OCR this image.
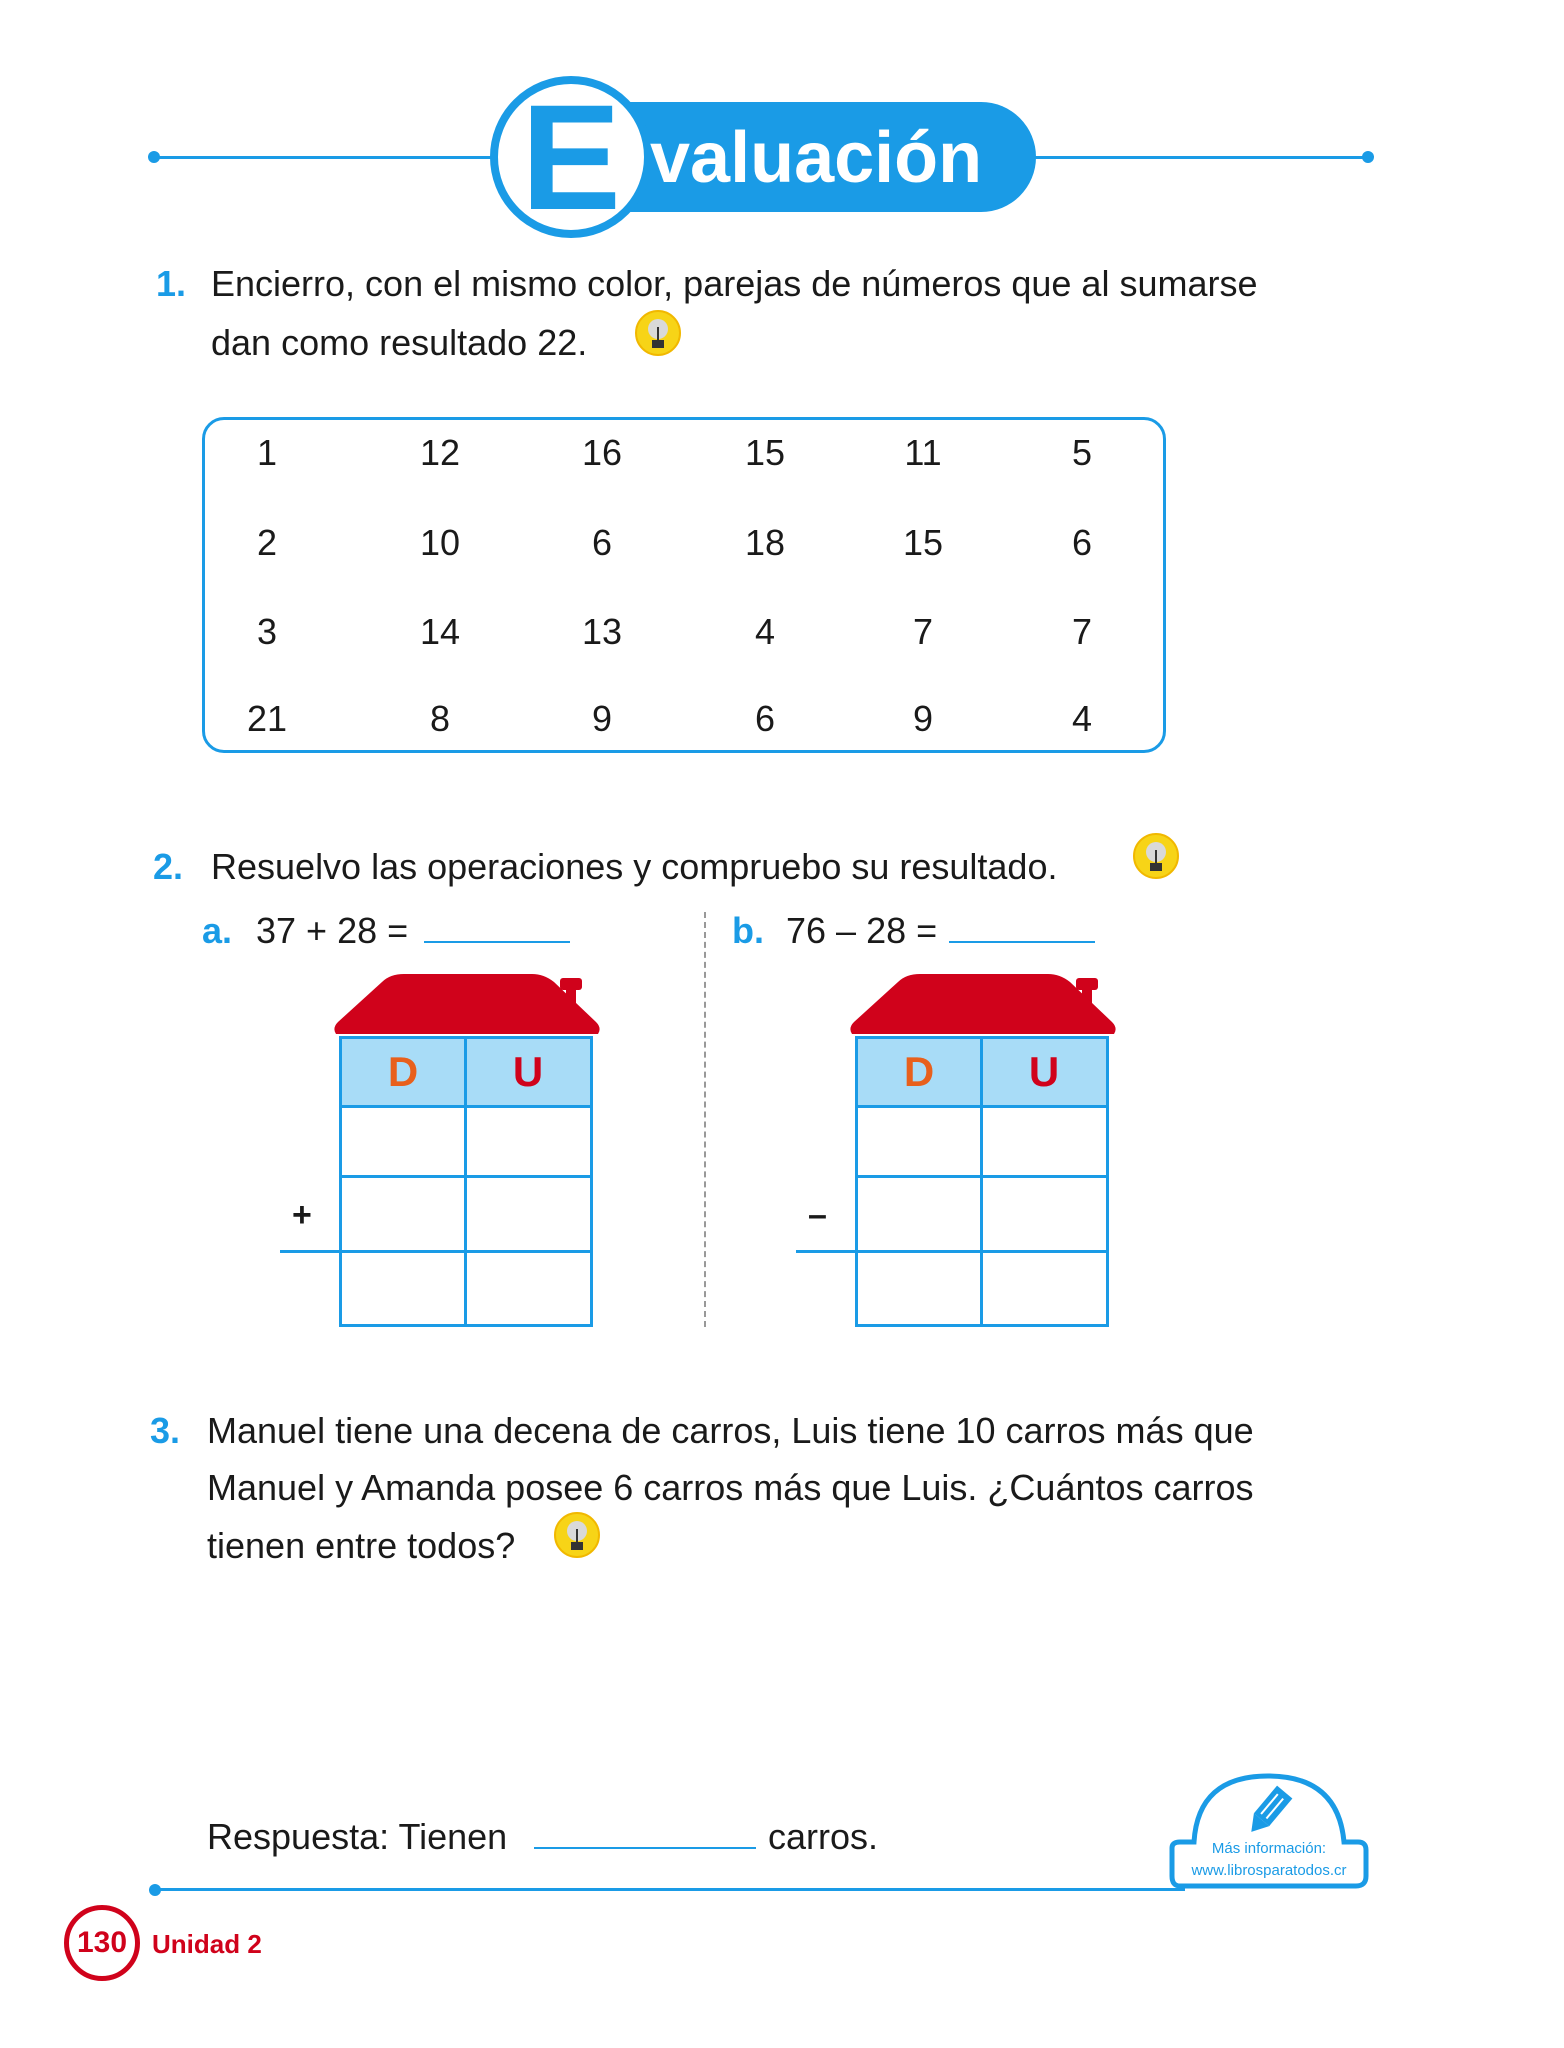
E valuación
1. Encierro, con el mismo color, parejas de números que al sumarse
dan como resultado 22.
1	12	16	15	11	5
2	10	6	18	15	6
3	14	13	4	7	7
21	8	9	6	9	4
2. Resuelvo las operaciones y compruebo su resultado.
a. 37 + 28 =	b. 76 – 28 =
D	U
+
D	U
–
3. Manuel tiene una decena de carros, Luis tiene 10 carros más que
Manuel y Amanda posee 6 carros más que Luis. ¿Cuántos carros
tienen entre todos?
Respuesta: Tienen	carros.	Más información:
www.librosparatodos.cr
130 Unidad 2
